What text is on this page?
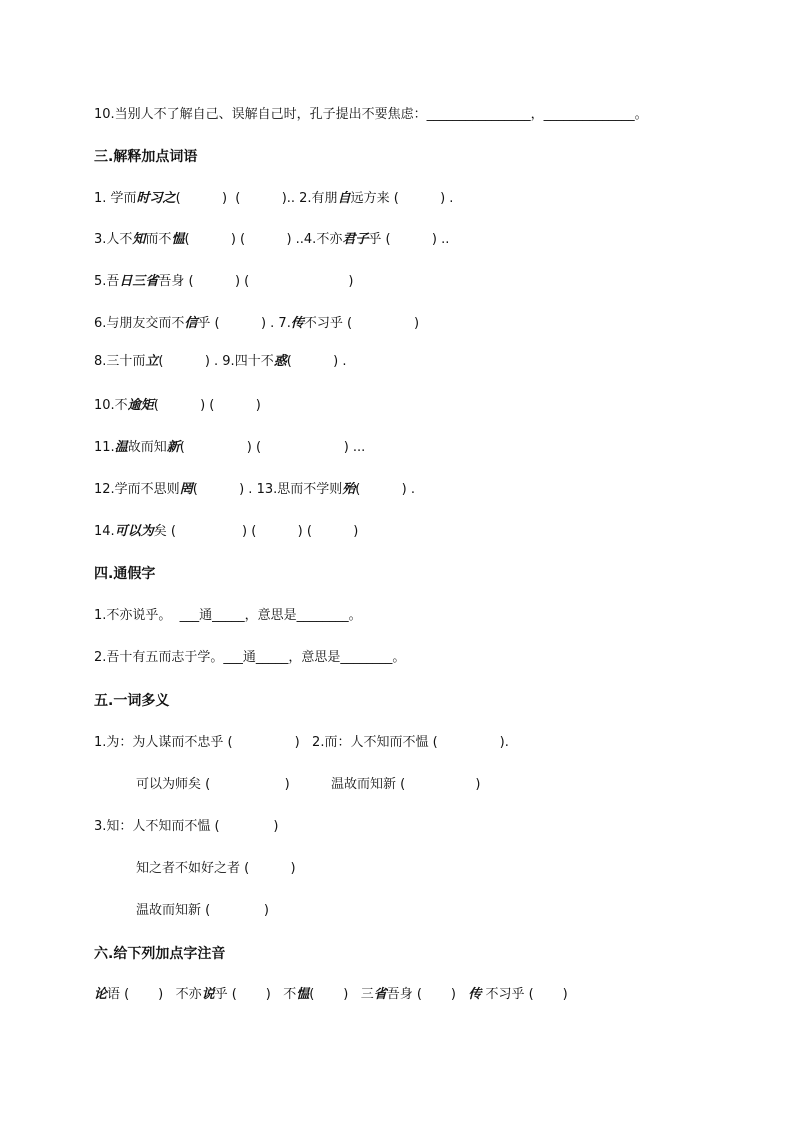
10.当别人不了解自己、误解自己时，孔子提出不要焦虑：________________，______________。
三.解释加点词语
1. 学而时习之(          )  (          ).. 2.有朋自远方来 (          ) .
3.人不知而不愠(          ) (          ) ..4.不亦君子乎 (          ) ..
5.吾日三省吾身 (          ) (                        )
6.与朋友交而不信乎 (          ) . 7.传不习乎 (               )
8.三十而立(          ) . 9.四十不惑(          ) .
10.不逾矩(          ) (          )
11.温故而知新(               ) (                    ) ...
12.学而不思则罔(          ) . 13.思而不学则殆(          ) .
14.可以为矣 (                ) (          ) (          )
四.通假字
1.不亦说乎。  ___通_____，意思是________。
2.吾十有五而志于学。___通_____，意思是________。
五.一词多义
1.为：为人谋而不忠乎 (               )   2.而：人不知而不愠 (               ).
可以为师矣 (                  )          温故而知新 (                 )
3.知：人不知而不愠 (             )
知之者不如好之者 (          )
温故而知新 (             )
六.给下列加点字注音
论语 (       )   不亦说乎 (       )   不愠(       )   三省吾身 (       )   传 不习乎 (       )
